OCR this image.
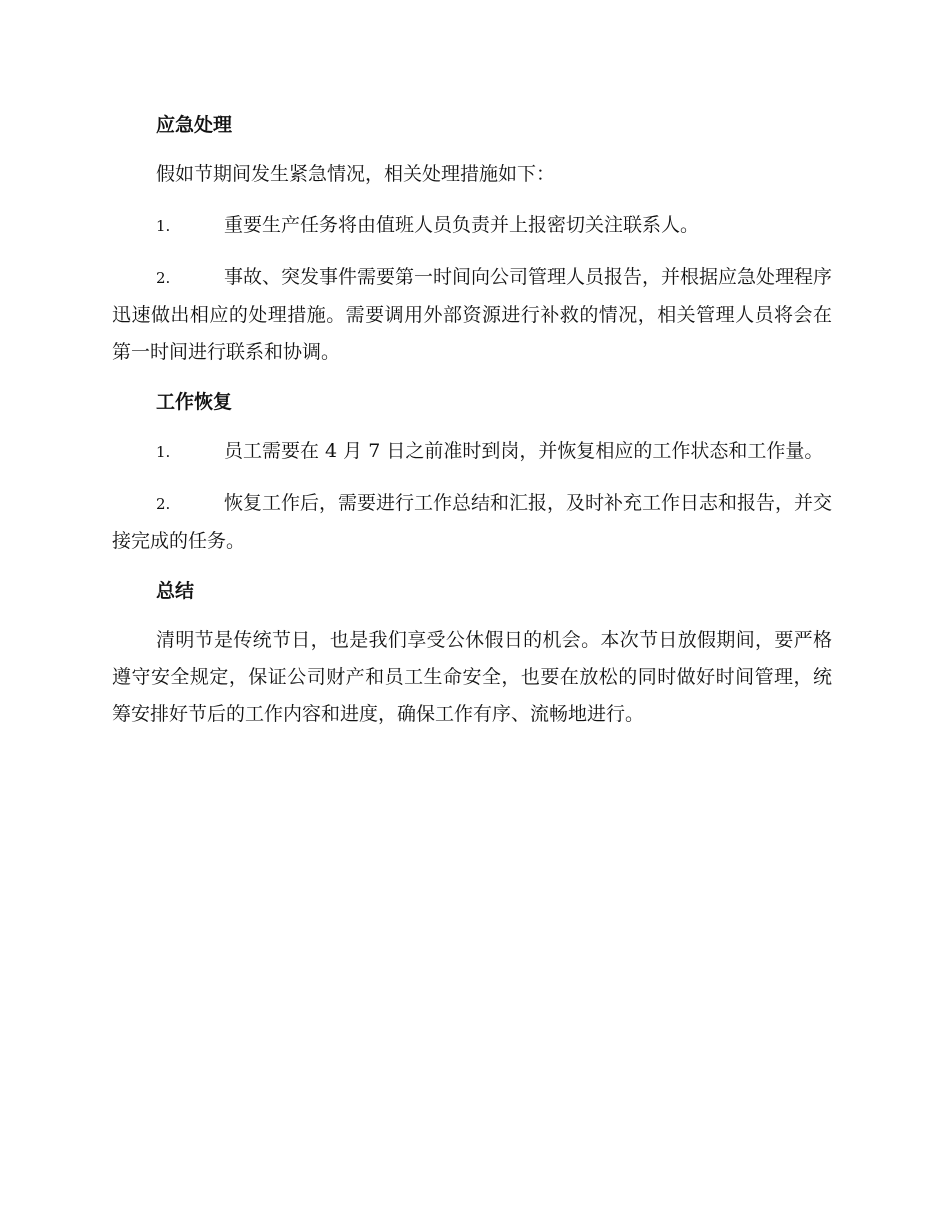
应急处理
假如节期间发生紧急情况，相关处理措施如下：
1.	重要生产任务将由值班人员负责并上报密切关注联系人。
2.	事故、突发事件需要第一时间向公司管理人员报告，并根据应急处理程序迅速做出相应的处理措施。需要调用外部资源进行补救的情况，相关管理人员将会在第一时间进行联系和协调。
工作恢复
1.	员工需要在 4 月 7 日之前准时到岗，并恢复相应的工作状态和工作量。
2.	恢复工作后，需要进行工作总结和汇报，及时补充工作日志和报告，并交接完成的任务。
总结
清明节是传统节日，也是我们享受公休假日的机会。本次节日放假期间，要严格遵守安全规定，保证公司财产和员工生命安全，也要在放松的同时做好时间管理，统筹安排好节后的工作内容和进度，确保工作有序、流畅地进行。
